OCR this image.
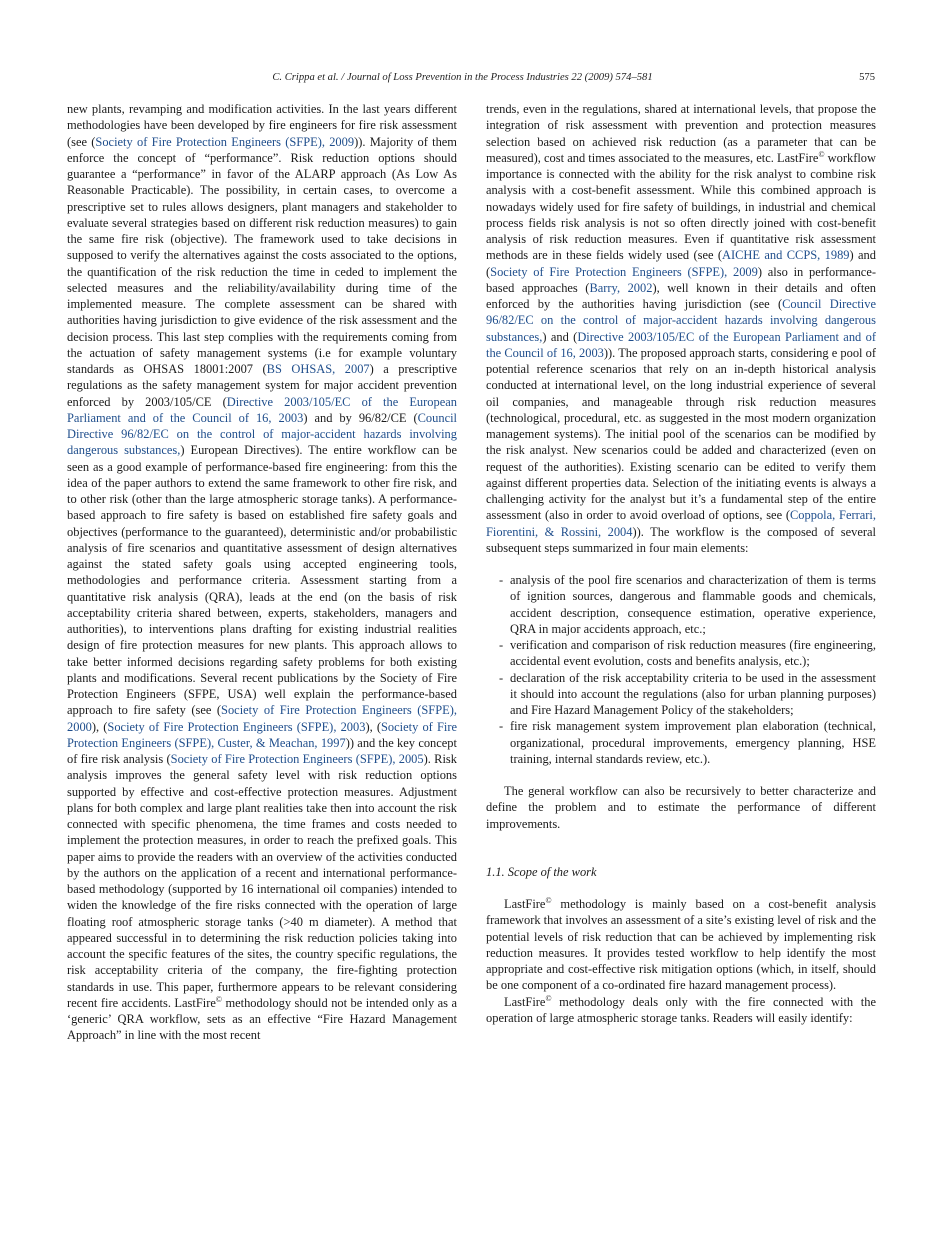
C. Crippa et al. / Journal of Loss Prevention in the Process Industries 22 (2009) 574–581	575

new plants, revamping and modification activities. In the last years different methodologies have been developed by fire engineers for fire risk assessment (see (Society of Fire Protection Engineers (SFPE), 2009)). Majority of them enforce the concept of “performance”. Risk reduction options should guarantee a “performance” in favor of the ALARP approach (As Low As Reasonable Practicable). The possibility, in certain cases, to overcome a prescriptive set to rules allows designers, plant managers and stakeholder to evaluate several strategies based on different risk reduction measures) to gain the same fire risk (objective). The framework used to take decisions in supposed to verify the alternatives against the costs associated to the options, the quantification of the risk reduction the time in ceded to implement the selected measures and the reliability/availability during time of the implemented measure. The complete assessment can be shared with authorities having jurisdiction to give evidence of the risk assessment and the decision process. This last step complies with the requirements coming from the actuation of safety management systems (i.e for example voluntary standards as OHSAS 18001:2007 (BS OHSAS, 2007) a prescriptive regulations as the safety management system for major accident prevention enforced by 2003/105/CE (Directive 2003/105/EC of the European Parliament and of the Council of 16, 2003) and by 96/82/CE (Council Directive 96/82/EC on the control of major-accident hazards involving dangerous substances,) European Directives). The entire workflow can be seen as a good example of performance-based fire engineering: from this the idea of the paper authors to extend the same framework to other fire risk, and to other risk (other than the large atmospheric storage tanks). A performance-based approach to fire safety is based on established fire safety goals and objectives (performance to the guaranteed), deterministic and/or probabilistic analysis of fire scenarios and quantitative assessment of design alternatives against the stated safety goals using accepted engineering tools, methodologies and performance criteria. Assessment starting from a quantitative risk analysis (QRA), leads at the end (on the basis of risk acceptability criteria shared between, experts, stakeholders, managers and authorities), to interventions plans drafting for existing industrial realities design of fire protection measures for new plants. This approach allows to take better informed decisions regarding safety problems for both existing plants and modifications. Several recent publications by the Society of Fire Protection Engineers (SFPE, USA) well explain the performance-based approach to fire safety (see (Society of Fire Protection Engineers (SFPE), 2000), (Society of Fire Protection Engineers (SFPE), 2003), (Society of Fire Protection Engineers (SFPE), Custer, & Meachan, 1997)) and the key concept of fire risk analysis (Society of Fire Protection Engineers (SFPE), 2005). Risk analysis improves the general safety level with risk reduction options supported by effective and cost-effective protection measures. Adjustment plans for both complex and large plant realities take then into account the risk connected with specific phenomena, the time frames and costs needed to implement the protection measures, in order to reach the prefixed goals. This paper aims to provide the readers with an overview of the activities conducted by the authors on the application of a recent and international performance-based methodology (supported by 16 international oil companies) intended to widen the knowledge of the fire risks connected with the operation of large floating roof atmospheric storage tanks (>40 m diameter). A method that appeared successful in to determining the risk reduction policies taking into account the specific features of the sites, the country specific regulations, the risk acceptability criteria of the company, the fire-fighting protection standards in use. This paper, furthermore appears to be relevant considering recent fire accidents. LastFire© methodology should not be intended only as a ‘generic’ QRA workflow, sets as an effective “Fire Hazard Management Approach” in line with the most recent

trends, even in the regulations, shared at international levels, that propose the integration of risk assessment with prevention and protection measures selection based on achieved risk reduction (as a parameter that can be measured), cost and times associated to the measures, etc. LastFire© workflow importance is connected with the ability for the risk analyst to combine risk analysis with a cost-benefit assessment. While this combined approach is nowadays widely used for fire safety of buildings, in industrial and chemical process fields risk analysis is not so often directly joined with cost-benefit analysis of risk reduction measures. Even if quantitative risk assessment methods are in these fields widely used (see (AICHE and CCPS, 1989) and (Society of Fire Protection Engineers (SFPE), 2009) also in performance-based approaches (Barry, 2002), well known in their details and often enforced by the authorities having jurisdiction (see (Council Directive 96/82/EC on the control of major-accident hazards involving dangerous substances,) and (Directive 2003/105/EC of the European Parliament and of the Council of 16, 2003)). The proposed approach starts, considering e pool of potential reference scenarios that rely on an in-depth historical analysis conducted at international level, on the long industrial experience of several oil companies, and manageable through risk reduction measures (technological, procedural, etc. as suggested in the most modern organization management systems). The initial pool of the scenarios can be modified by the risk analyst. New scenarios could be added and characterized (even on request of the authorities). Existing scenario can be edited to verify them against different properties data. Selection of the initiating events is always a challenging activity for the analyst but it’s a fundamental step of the entire assessment (also in order to avoid overload of options, see (Coppola, Ferrari, Fiorentini, & Rossini, 2004)). The workflow is the composed of several subsequent steps summarized in four main elements:

- analysis of the pool fire scenarios and characterization of them is terms of ignition sources, dangerous and flammable goods and chemicals, accident description, consequence estimation, operative experience, QRA in major accidents approach, etc.;
- verification and comparison of risk reduction measures (fire engineering, accidental event evolution, costs and benefits analysis, etc.);
- declaration of the risk acceptability criteria to be used in the assessment it should into account the regulations (also for urban planning purposes) and Fire Hazard Management Policy of the stakeholders;
- fire risk management system improvement plan elaboration (technical, organizational, procedural improvements, emergency planning, HSE training, internal standards review, etc.).

The general workflow can also be recursively to better characterize and define the problem and to estimate the performance of different improvements.

1.1. Scope of the work

LastFire© methodology is mainly based on a cost-benefit analysis framework that involves an assessment of a site’s existing level of risk and the potential levels of risk reduction that can be achieved by implementing risk reduction measures. It provides tested workflow to help identify the most appropriate and cost-effective risk mitigation options (which, in itself, should be one component of a co-ordinated fire hazard management process).

LastFire© methodology deals only with the fire connected with the operation of large atmospheric storage tanks. Readers will easily identify:
